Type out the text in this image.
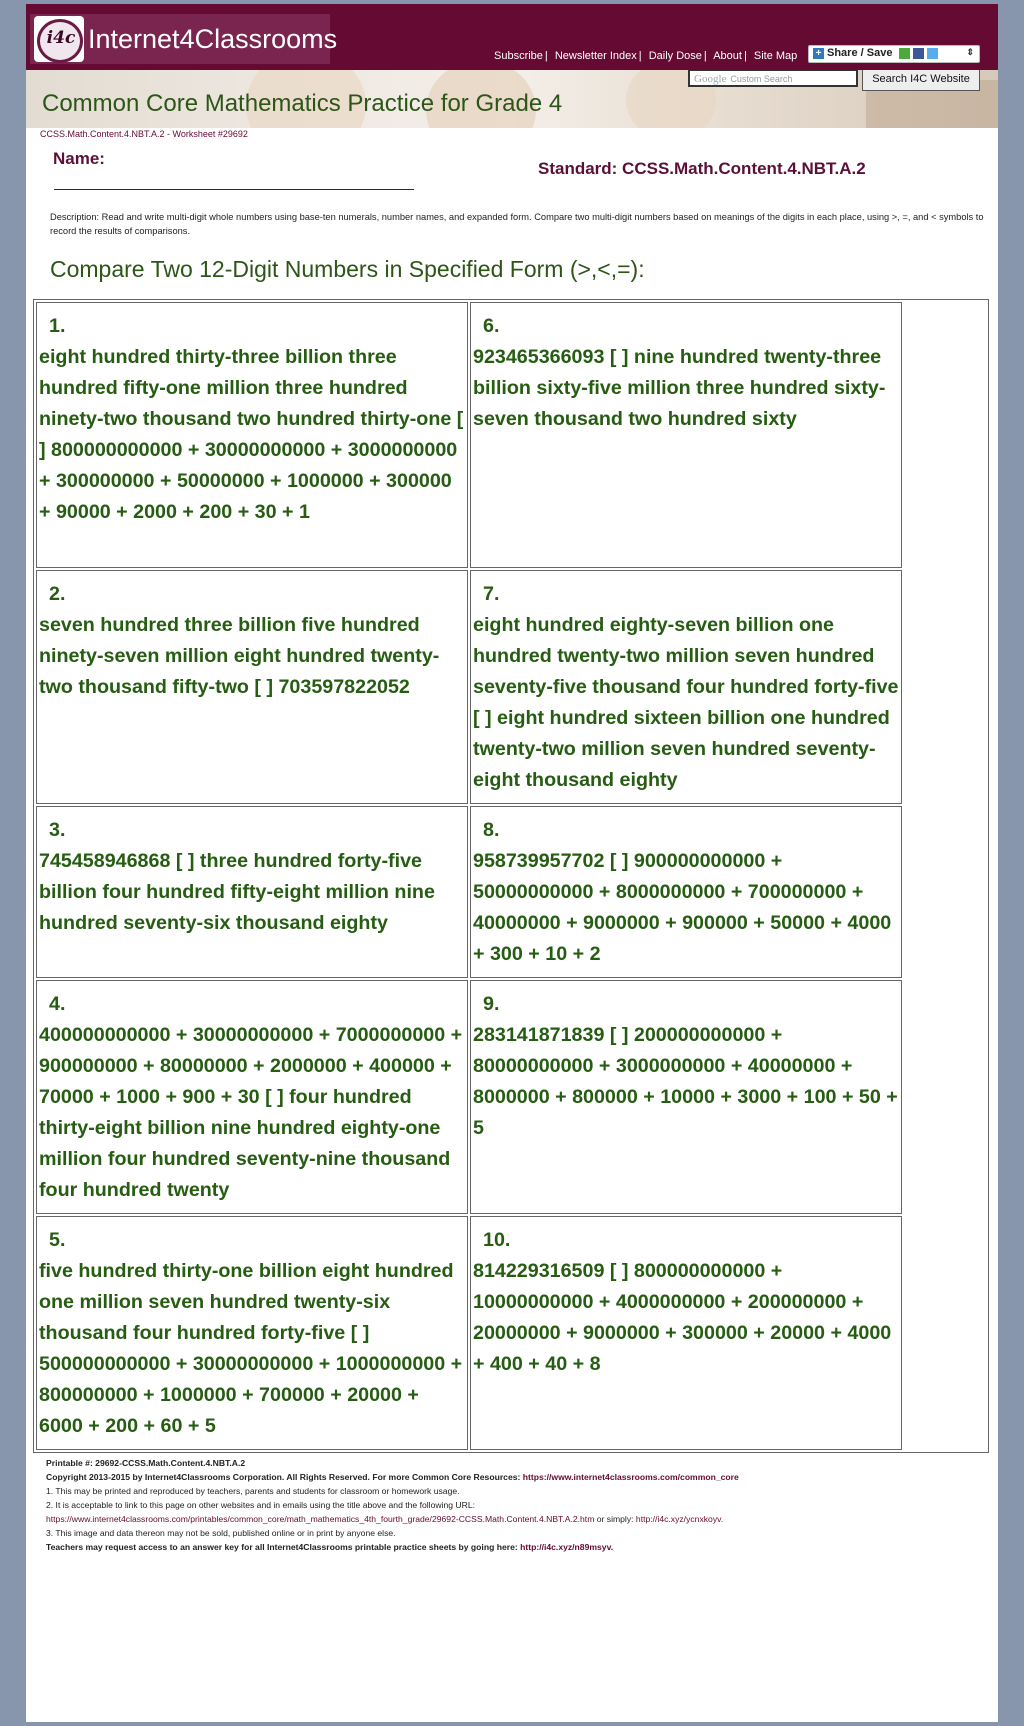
i4c Internet4Classrooms
Subscribe | Newsletter Index | Daily Dose | About | Site Map	+ Share / Save	⇕
Google Custom Search	Search I4C Website
Common Core Mathematics Practice for Grade 4
CCSS.Math.Content.4.NBT.A.2 - Worksheet #29692
Name:
Standard: CCSS.Math.Content.4.NBT.A.2
Description: Read and write multi-digit whole numbers using base-ten numerals, number names, and expanded form. Compare two multi-digit numbers based on meanings of the digits in each place, using >, =, and < symbols to record the results of comparisons.
Compare Two 12-Digit Numbers in Specified Form (>,<,=):
1.
eight hundred thirty-three billion three hundred fifty-one million three hundred ninety-two thousand two hundred thirty-one [ ] 800000000000 + 30000000000 + 3000000000 + 300000000 + 50000000 + 1000000 + 300000 + 90000 + 2000 + 200 + 30 + 1
6.
923465366093 [ ] nine hundred twenty-three billion sixty-five million three hundred sixty-seven thousand two hundred sixty
2.
seven hundred three billion five hundred ninety-seven million eight hundred twenty-two thousand fifty-two [ ] 703597822052
7.
eight hundred eighty-seven billion one hundred twenty-two million seven hundred seventy-five thousand four hundred forty-five [ ] eight hundred sixteen billion one hundred twenty-two million seven hundred seventy-eight thousand eighty
3.
745458946868 [ ] three hundred forty-five billion four hundred fifty-eight million nine hundred seventy-six thousand eighty
8.
958739957702 [ ] 900000000000 + 50000000000 + 8000000000 + 700000000 + 40000000 + 9000000 + 900000 + 50000 + 4000 + 300 + 10 + 2
4.
400000000000 + 30000000000 + 7000000000 + 900000000 + 80000000 + 2000000 + 400000 + 70000 + 1000 + 900 + 30 [ ] four hundred thirty-eight billion nine hundred eighty-one million four hundred seventy-nine thousand four hundred twenty
9.
283141871839 [ ] 200000000000 + 80000000000 + 3000000000 + 40000000 + 8000000 + 800000 + 10000 + 3000 + 100 + 50 + 5
5.
five hundred thirty-one billion eight hundred one million seven hundred twenty-six thousand four hundred forty-five [ ] 500000000000 + 30000000000 + 1000000000 + 800000000 + 1000000 + 700000 + 20000 + 6000 + 200 + 60 + 5
10.
814229316509 [ ] 800000000000 + 10000000000 + 4000000000 + 200000000 + 20000000 + 9000000 + 300000 + 20000 + 4000 + 400 + 40 + 8
Printable #: 29692-CCSS.Math.Content.4.NBT.A.2
Copyright 2013-2015 by Internet4Classrooms Corporation. All Rights Reserved. For more Common Core Resources: https://www.internet4classrooms.com/common_core
1. This may be printed and reproduced by teachers, parents and students for classroom or homework usage.
2. It is acceptable to link to this page on other websites and in emails using the title above and the following URL:
https://www.internet4classrooms.com/printables/common_core/math_mathematics_4th_fourth_grade/29692-CCSS.Math.Content.4.NBT.A.2.htm or simply: http://i4c.xyz/ycnxkoyv.
3. This image and data thereon may not be sold, published online or in print by anyone else.
Teachers may request access to an answer key for all Internet4Classrooms printable practice sheets by going here: http://i4c.xyz/n89msyv.
